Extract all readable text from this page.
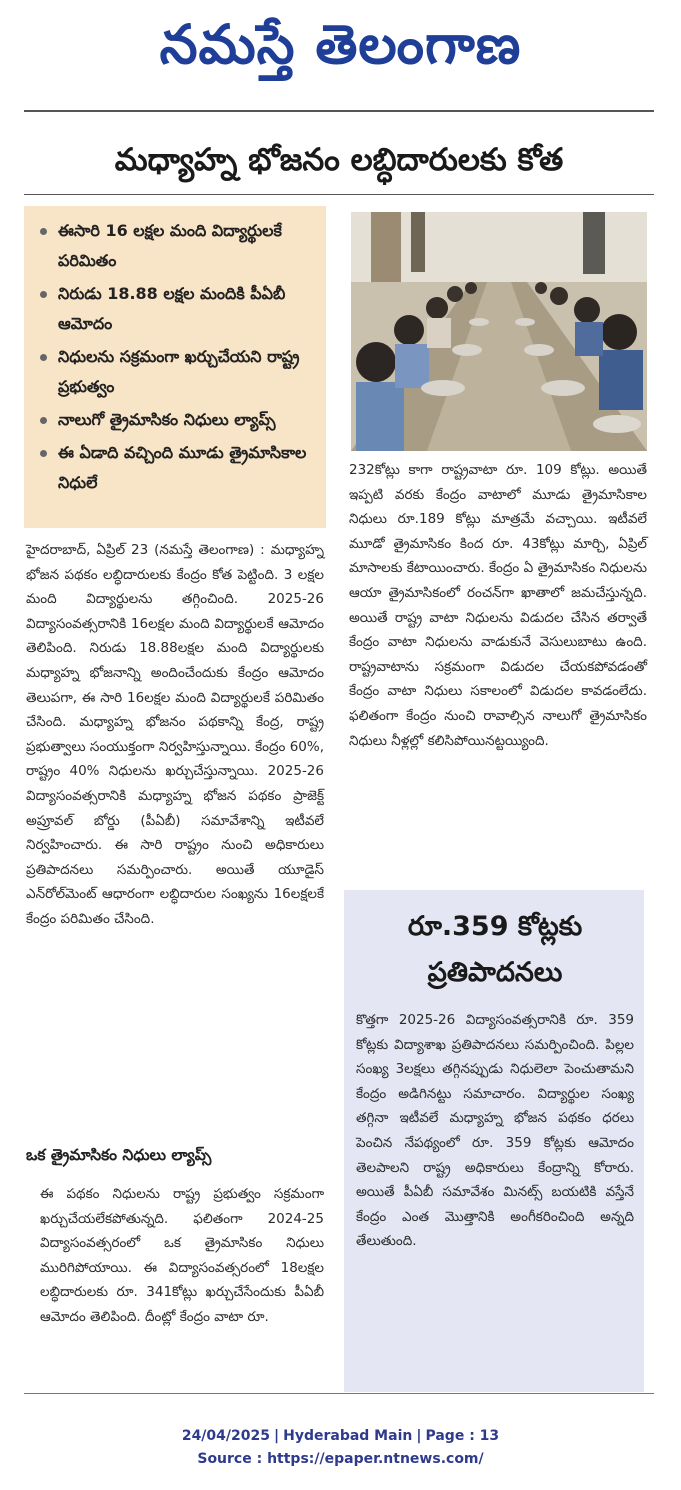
నమస్తే తెలంగాణ
మధ్యాహ్న భోజనం లబ్ధిదారులకు కోత
ఈసారి 16 లక్షల మంది విద్యార్థులకే పరిమితం
నిరుడు 18.88 లక్షల మందికి పీఏబీ ఆమోదం
నిధులను సక్రమంగా ఖర్చుచేయని రాష్ట్ర ప్రభుత్వం
నాలుగో త్రైమాసికం నిధులు ల్యాప్స్
ఈ ఏడాది వచ్చింది మూడు త్రైమాసికాల నిధులే

హైదరాబాద్, ఏప్రిల్ 23 (నమస్తే తెలంగాణ) : మధ్యాహ్న భోజన పథకం లబ్ధిదారులకు కేంద్రం కోత పెట్టింది. 3 లక్షల మంది విద్యార్థులను తగ్గించింది. 2025-26 విద్యాసంవత్సరానికి 16లక్షల మంది విద్యార్థులకే ఆమోదం తెలిపింది. నిరుడు 18.88లక్షల మంది విద్యార్థులకు మధ్యాహ్న భోజనాన్ని అందించేందుకు కేంద్రం ఆమోదం తెలుపగా, ఈ సారి 16లక్షల మంది విద్యార్థులకే పరిమితం చేసింది. మధ్యాహ్న భోజనం పథకాన్ని కేంద్ర, రాష్ట్ర ప్రభుత్వాలు సంయుక్తంగా నిర్వహిస్తున్నాయి. కేంద్రం 60%, రాష్ట్రం 40% నిధులను ఖర్చుచేస్తున్నాయి. 2025-26 విద్యాసంవత్సరానికి మధ్యాహ్న భోజన పథకం ప్రాజెక్ట్ అప్రూవల్ బోర్డు (పీఏబీ) సమావేశాన్ని ఇటీవలే నిర్వహించారు. ఈ సారి రాష్ట్రం నుంచి అధికారులు ప్రతిపాదనలు సమర్పించారు. అయితే యూడైస్ ఎన్‌రోల్‌మెంట్ ఆధారంగా లబ్ధిదారుల సంఖ్యను 16లక్షలకే కేంద్రం పరిమితం చేసింది.

ఒక త్రైమాసికం నిధులు ల్యాప్స్

ఈ పథకం నిధులను రాష్ట్ర ప్రభుత్వం సక్రమంగా ఖర్చుచేయలేకపోతున్నది. ఫలితంగా 2024-25 విద్యాసంవత్సరంలో ఒక త్రైమాసికం నిధులు మురిగిపోయాయి. ఈ విద్యాసంవత్సరంలో 18లక్షల లబ్ధిదారులకు రూ. 341కోట్లు ఖర్చుచేసేందుకు పీఏబీ ఆమోదం తెలిపింది. దీంట్లో కేంద్రం వాటా రూ.

232కోట్లు కాగా రాష్ట్రవాటా రూ. 109 కోట్లు. అయితే ఇప్పటి వరకు కేంద్రం వాటాలో మూడు త్రైమాసికాల నిధులు రూ.189 కోట్లు మాత్రమే వచ్చాయి. ఇటీవలే మూడో త్రైమాసికం కింద రూ. 43కోట్లు మార్చి, ఏప్రిల్ మాసాలకు కేటాయించారు. కేంద్రం ఏ త్రైమాసికం నిధులను ఆయా త్రైమాసికంలో రంచన్‌గా ఖాతాలో జమచేస్తున్నది. అయితే రాష్ట్ర వాటా నిధులను విడుదల చేసిన తర్వాతే కేంద్రం వాటా నిధులను వాడుకునే వెసులుబాటు ఉంది. రాష్ట్రవాటాను సక్రమంగా విడుదల చేయకపోవడంతో కేంద్రం వాటా నిధులు సకాలంలో విడుదల కావడంలేదు. ఫలితంగా కేంద్రం నుంచి రావాల్సిన నాలుగో త్రైమాసికం నిధులు నీళ్లల్లో కలిసిపోయినట్టయ్యింది.

రూ.359 కోట్లకు ప్రతిపాదనలు

కొత్తగా 2025-26 విద్యాసంవత్సరానికి రూ. 359 కోట్లకు విద్యాశాఖ ప్రతిపాదనలు సమర్పించింది. పిల్లల సంఖ్య 3లక్షలు తగ్గినప్పుడు నిధులెలా పెంచుతామని కేంద్రం అడిగినట్టు సమాచారం. విద్యార్థుల సంఖ్య తగ్గినా ఇటీవలే మధ్యాహ్న భోజన పథకం ధరలు పెంచిన నేపథ్యంలో రూ. 359 కోట్లకు ఆమోదం తెలపాలని రాష్ట్ర అధికారులు కేంద్రాన్ని కోరారు. అయితే పీఏబీ సమావేశం మినట్స్ బయటికి వస్తేనే కేంద్రం ఎంత మొత్తానికి అంగీకరించింది అన్నది తేలుతుంది.

24/04/2025 | Hyderabad Main | Page : 13
Source : https://epaper.ntnews.com/
